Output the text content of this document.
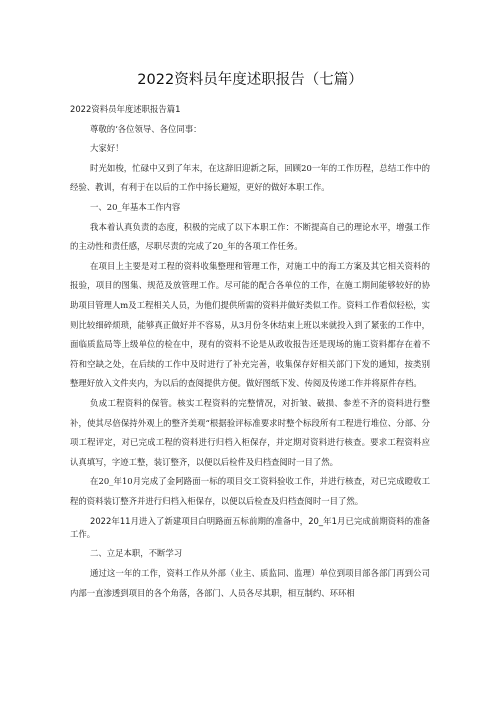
2022资料员年度述职报告（七篇）

2022资料员年度述职报告篇1

尊敬的‘各位领导、各位同事：

大家好！

时光如梭，忙碌中又到了年末，在这辞旧迎新之际，回顾20一年的工作历程，总结工作中的经验、教训，有利于在以后的工作中扬长避短，更好的做好本职工作。

一、20_年基本工作内容

我本着认真负责的态度，积极的完成了以下本职工作：不断提高自己的理论水平，增强工作的主动性和责任感，尽职尽责的完成了20_年的各项工作任务。

在项目上主要是对工程的资料收集整理和管理工作，对施工中的海工方案及其它相关资料的报验，项目的图集、规范及放管理工作。尽可能的配合各单位的工作，在施工期间能够较好的协助项目管理人m及工程相关人员，为他们提供所需的资料并做好类似工作。资料工作看似轻松，实则比较细碎烦琐，能够真正做好并不容易，从3月份冬休结束上班以来就投入到了紧张的工作中，面临质监局等上级单位的检在中，现有的资料不论是从政收报告还是现场的施工资料都存在着不符和空缺之处，在后续的工作中及时进行了补充完善，收集保存好相关部门下发的通知，按类别整理好放入文件夹内，为以后的查阅提供方便。做好图纸下发、传阅及传递工作并将原件存档。

负成工程资料的保管。核实工程资料的完整情况，对折皱、破损、参差不齐的资料进行整补，使其尽倍保持外观上的整齐美观“根据验评标准要求时整个标段所有工程进行堆位、分部、分项工程评定，对已完成工程的资料进行归档入柜保存，并定期对资料进行核查。要求工程资料应认真填写，字迹工整，装订整齐，以便以后检件及归档查阅时一目了然。

在20_年10月完成了金阿路面一标的项目交工资料验收工作，并进行核查，对已完成瞪收工程的资料装订整齐并进行归档入柜保存，以便以后检查及归档查阅时一目了然。

2022年11月进入了新建项目白明路面五标前期的准备中，20_年1月已完成前期资料的准备工作。

二、立足本职，不断学习

通过这一年的工作，资料工作从外部（业主、质监同、监理）单位到项目部各部门再到公司内部一直渗透到项目的各个角落，各部门、人员各尽其职，相互制约、环环相
